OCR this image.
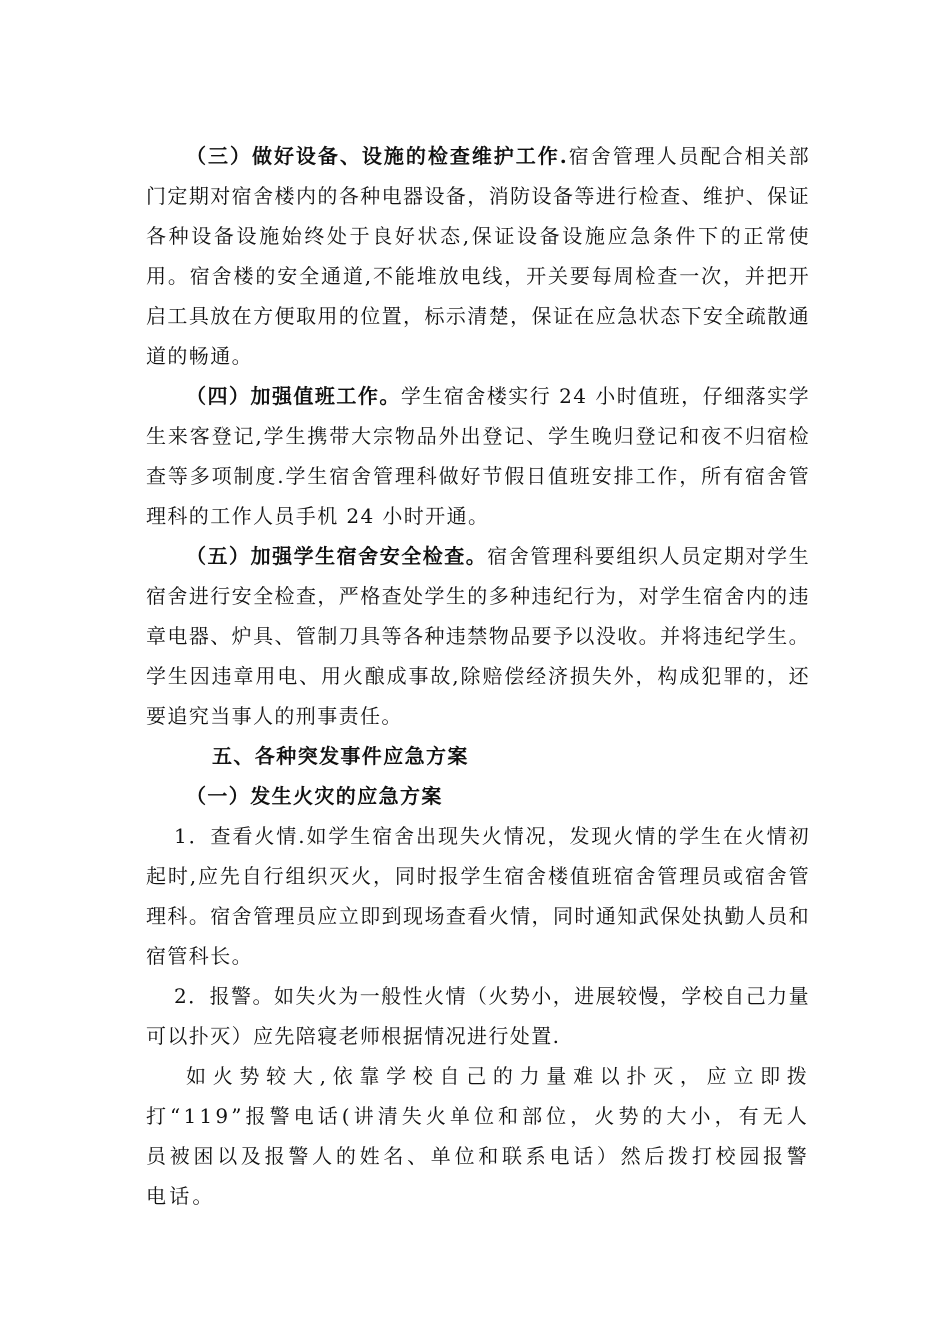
（三）做好设备、设施的检查维护工作.宿舍管理人员配合相关部门定期对宿舍楼内的各种电器设备，消防设备等进行检查、维护、保证各种设备设施始终处于良好状态,保证设备设施应急条件下的正常使用。宿舍楼的安全通道,不能堆放电线，开关要每周检查一次，并把开启工具放在方便取用的位置，标示清楚，保证在应急状态下安全疏散通道的畅通。

（四）加强值班工作。学生宿舍楼实行 24 小时值班，仔细落实学生来客登记,学生携带大宗物品外出登记、学生晚归登记和夜不归宿检查等多项制度.学生宿舍管理科做好节假日值班安排工作，所有宿舍管理科的工作人员手机 24 小时开通。

（五）加强学生宿舍安全检查。宿舍管理科要组织人员定期对学生宿舍进行安全检查，严格查处学生的多种违纪行为，对学生宿舍内的违章电器、炉具、管制刀具等各种违禁物品要予以没收。并将违纪学生。学生因违章用电、用火酿成事故,除赔偿经济损失外，构成犯罪的，还要追究当事人的刑事责任。

五、各种突发事件应急方案

（一）发生火灾的应急方案

1．查看火情.如学生宿舍出现失火情况，发现火情的学生在火情初起时,应先自行组织灭火，同时报学生宿舍楼值班宿舍管理员或宿舍管理科。宿舍管理员应立即到现场查看火情，同时通知武保处执勤人员和宿管科长。

2．报警。如失火为一般性火情（火势小，进展较慢，学校自己力量可以扑灭）应先陪寝老师根据情况进行处置.

如火势较大,依靠学校自己的力量难以扑灭，应立即拨打“119”报警电话(讲清失火单位和部位，火势的大小，有无人员被困以及报警人的姓名、单位和联系电话）然后拨打校园报警电话。
